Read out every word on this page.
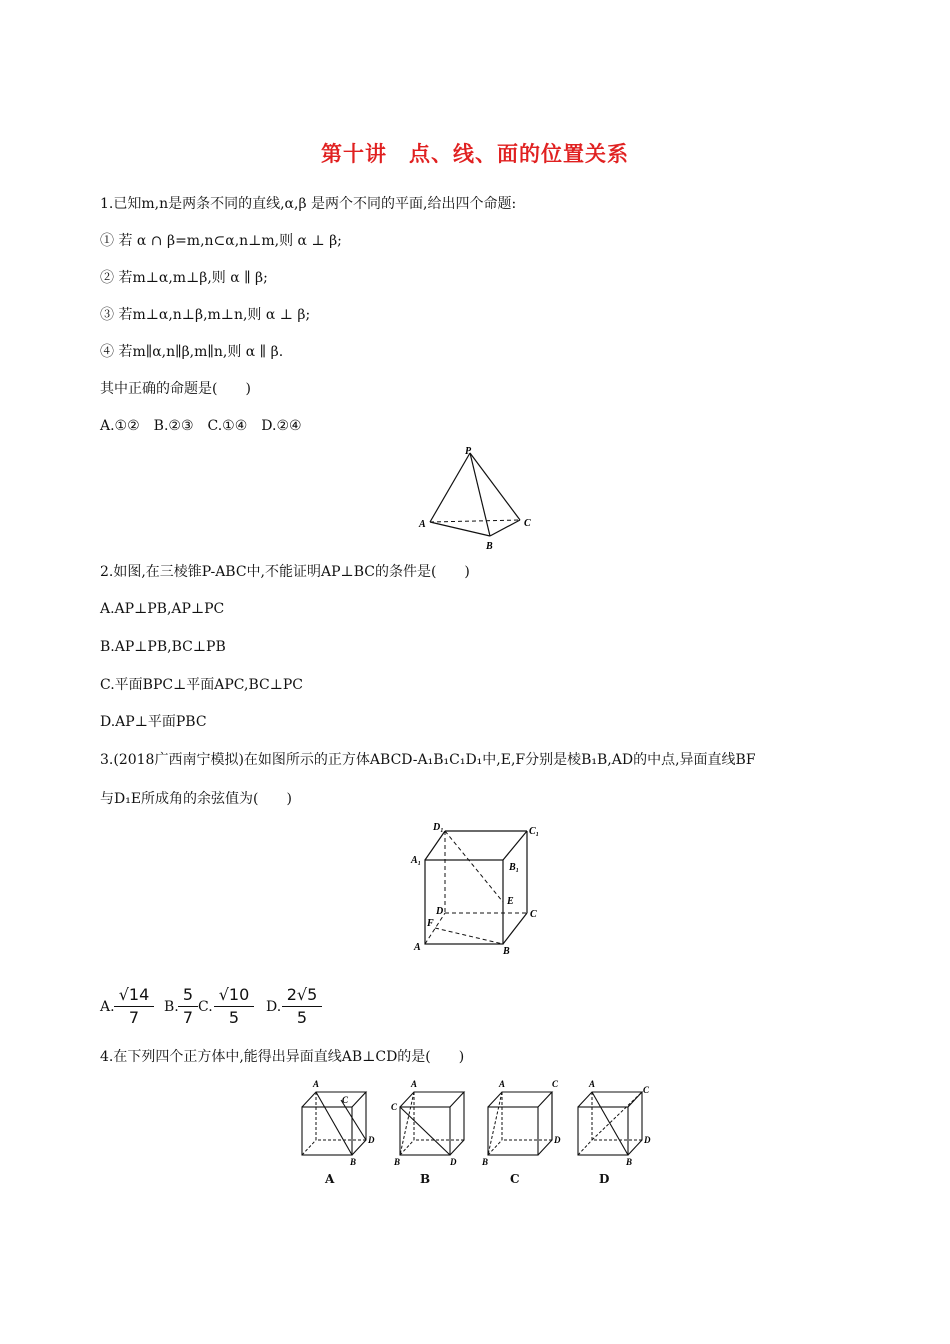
第十讲　点、线、面的位置关系
1.已知m,n是两条不同的直线,α,β 是两个不同的平面,给出四个命题:
① 若 α ∩ β=m,n⊂α,n⊥m,则 α ⊥ β;
② 若m⊥α,m⊥β,则 α ∥ β;
③ 若m⊥α,n⊥β,m⊥n,则 α ⊥ β;
④ 若m∥α,n∥β,m∥n,则 α ∥ β.
其中正确的命题是(　　)
A.①②　B.②③　C.①④　D.②④
P
A
B
C
2.如图,在三棱锥P-ABC中,不能证明AP⊥BC的条件是(　　)
A.AP⊥PB,AP⊥PC
B.AP⊥PB,BC⊥PB
C.平面BPC⊥平面APC,BC⊥PC
D.AP⊥平面PBC
3.(2018广西南宁模拟)在如图所示的正方体ABCD-A₁B₁C₁D₁中,E,F分别是棱B₁B,AD的中点,异面直线BF
与D₁E所成角的余弦值为(　　)
D₁	C₁
A₁
B₁
D
E
C
F
A	B
A. $\frac{√14}{7} B$. $\frac{5}{7} C$. $\frac{√10}{5} D$. $\frac{2√5}{5}$
4.在下列四个正方体中,能得出异面直线AB⊥CD的是(　　)
A
C
D
B
A
A
C
D
B
B
A	C
D
B
C
A
C
D
B
D
